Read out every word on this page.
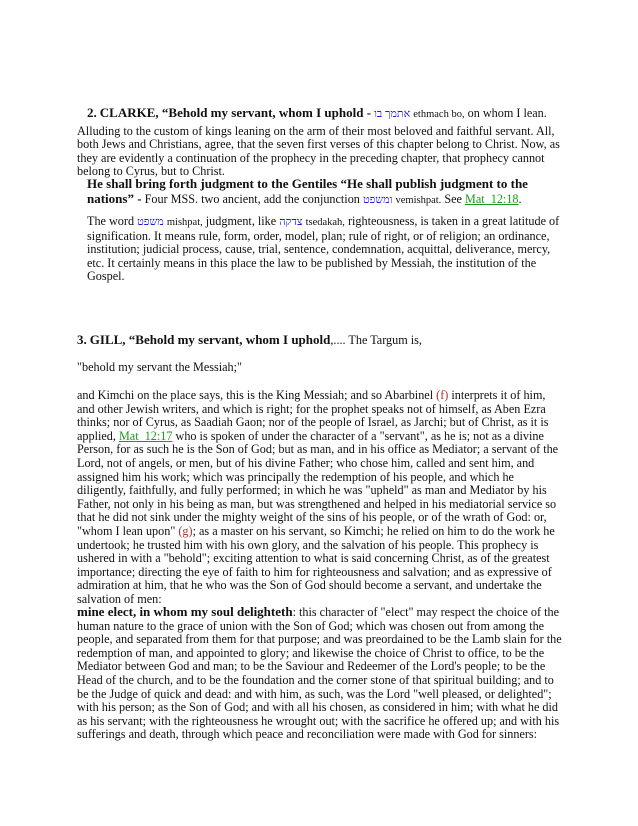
2. CLARKE, “Behold my servant, whom I uphold - אתמך בו ethmach bo, on whom I lean.

Alluding to the custom of kings leaning on the arm of their most beloved and faithful servant. All, both Jews and Christians, agree, that the seven first verses of this chapter belong to Christ. Now, as they are evidently a continuation of the prophecy in the preceding chapter, that prophecy cannot belong to Cyrus, but to Christ.

He shall bring forth judgment to the Gentiles “He shall publish judgment to the nations” - Four MSS. two ancient, add the conjunction ומשפט vemishpat. See Mat_12:18.

The word משפט mishpat, judgment, like צדקה tsedakah, righteousness, is taken in a great latitude of signification. It means rule, form, order, model, plan; rule of right, or of religion; an ordinance, institution; judicial process, cause, trial, sentence, condemnation, acquittal, deliverance, mercy, etc. It certainly means in this place the law to be published by Messiah, the institution of the Gospel.

3. GILL, “Behold my servant, whom I uphold,.... The Targum is,

"behold my servant the Messiah;"

and Kimchi on the place says, this is the King Messiah; and so Abarbinel (f) interprets it of him, and other Jewish writers, and which is right; for the prophet speaks not of himself, as Aben Ezra thinks; nor of Cyrus, as Saadiah Gaon; nor of the people of Israel, as Jarchi; but of Christ, as it is applied, Mat_12:17 who is spoken of under the character of a "servant", as he is; not as a divine Person, for as such he is the Son of God; but as man, and in his office as Mediator; a servant of the Lord, not of angels, or men, but of his divine Father; who chose him, called and sent him, and assigned him his work; which was principally the redemption of his people, and which he diligently, faithfully, and fully performed; in which he was "upheld" as man and Mediator by his Father, not only in his being as man, but was strengthened and helped in his mediatorial service so that he did not sink under the mighty weight of the sins of his people, or of the wrath of God: or, "whom I lean upon" (g); as a master on his servant, so Kimchi; he relied on him to do the work he undertook; he trusted him with his own glory, and the salvation of his people. This prophecy is ushered in with a "behold"; exciting attention to what is said concerning Christ, as of the greatest importance; directing the eye of faith to him for righteousness and salvation; and as expressive of admiration at him, that he who was the Son of God should become a servant, and undertake the salvation of men:

mine elect, in whom my soul delighteth: this character of "elect" may respect the choice of the human nature to the grace of union with the Son of God; which was chosen out from among the people, and separated from them for that purpose; and was preordained to be the Lamb slain for the redemption of man, and appointed to glory; and likewise the choice of Christ to office, to be the Mediator between God and man; to be the Saviour and Redeemer of the Lord's people; to be the Head of the church, and to be the foundation and the corner stone of that spiritual building; and to be the Judge of quick and dead: and with him, as such, was the Lord "well pleased, or delighted"; with his person; as the Son of God; and with all his chosen, as considered in him; with what he did as his servant; with the righteousness he wrought out; with the sacrifice he offered up; and with his sufferings and death, through which peace and reconciliation were made with God for sinners:
